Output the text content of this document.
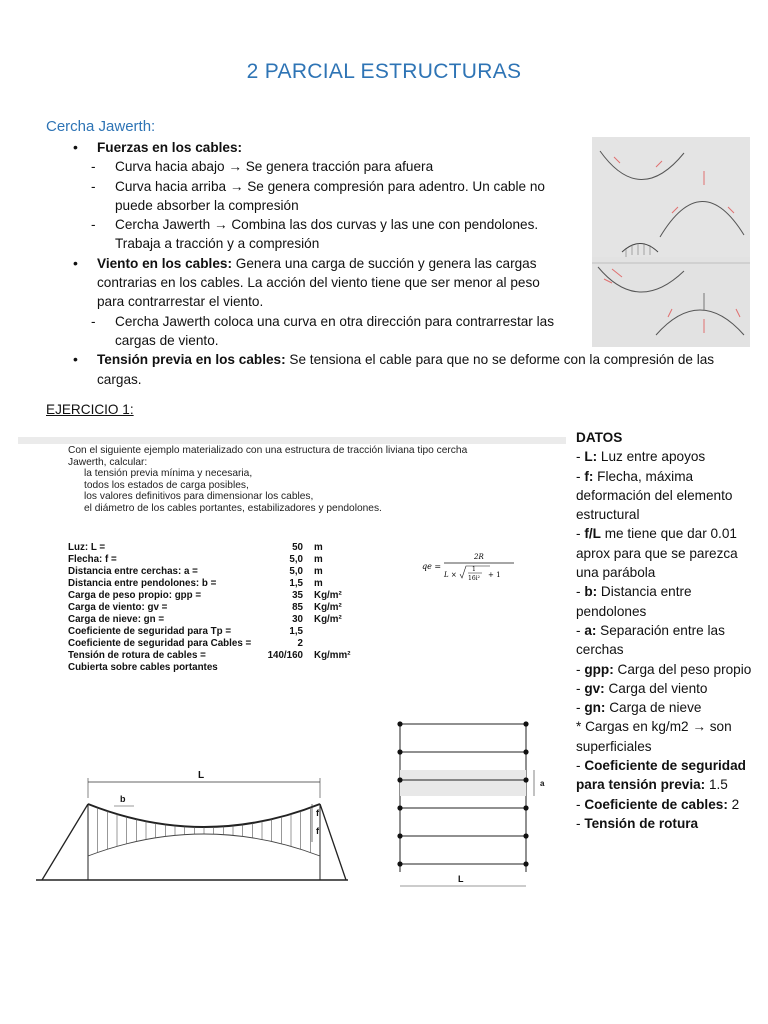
2 PARCIAL ESTRUCTURAS
Cercha Jawerth:
• Fuerzas en los cables:
- Curva hacia abajo → Se genera tracción para afuera
- Curva hacia arriba → Se genera compresión para adentro. Un cable no puede absorber la compresión
- Cercha Jawerth → Combina las dos curvas y las une con pendolones. Trabaja a tracción y a compresión
• Viento en los cables: Genera una carga de succión y genera las cargas contrarias en los cables. La acción del viento tiene que ser menor al peso para contrarrestar el viento.
- Cercha Jawerth coloca una curva en otra dirección para contrarrestar las cargas de viento.
• Tensión previa en los cables: Se tensiona el cable para que no se deforme con la compresión de las cargas.
EJERCICIO 1:
Con el siguiente ejemplo materializado con una estructura de tracción liviana tipo cercha
Jawerth, calcular:
la tensión previa mínima y necesaria,
todos los estados de carga posibles,
los valores definitivos para dimensionar los cables,
el diámetro de los cables portantes, estabilizadores y pendolones.
Luz: L =	50 m
Flecha: f =	5,0 m
Distancia entre cerchas: a =	5,0 m
Distancia entre pendolones: b =	1,5 m
Carga de peso propio: gpp =	35 Kg/m²
Carga de viento: gv =	85 Kg/m²
Carga de nieve: gn =	30 Kg/m²
Coeficiente de seguridad para Tp =	1,5
Coeficiente de seguridad para Cables =	2
Tensión de rotura de cables =	140/160 Kg/mm²
Cubierta sobre cables portantes
qe =
2R
L ×
1
16i² + 1
L
b
f
f
a
L
DATOS
- L: Luz entre apoyos
- f: Flecha, máxima deformación del elemento estructural
- f/L me tiene que dar 0.01 aprox para que se parezca una parábola
- b: Distancia entre pendolones
- a: Separación entre las cerchas
- gpp: Carga del peso propio
- gv: Carga del viento
- gn: Carga de nieve
* Cargas en kg/m2 → son superficiales
- Coeficiente de seguridad para tensión previa: 1.5
- Coeficiente de cables: 2
- Tensión de rotura
